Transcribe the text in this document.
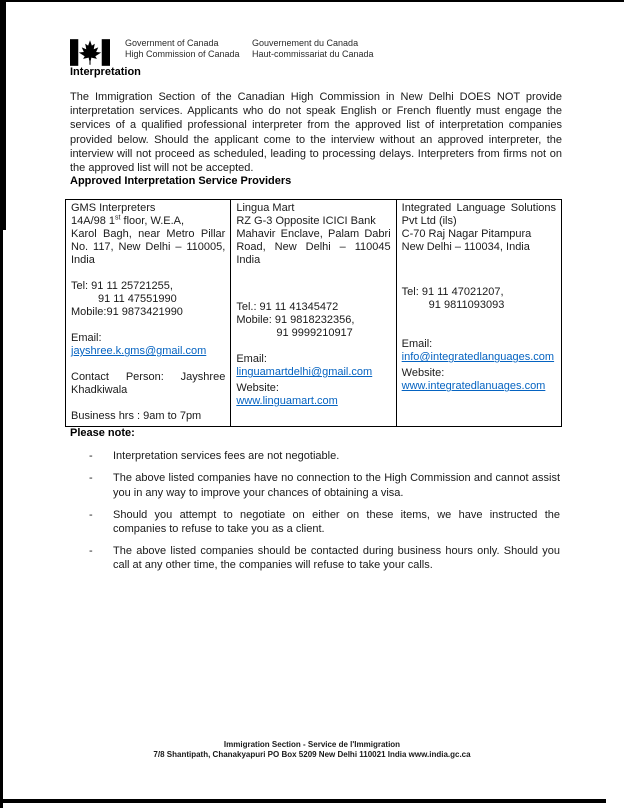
Government of Canada
High Commission of Canada
Gouvernement du Canada
Haut-commissariat du Canada
Interpretation
The Immigration Section of the Canadian High Commission in New Delhi DOES NOT provide interpretation services. Applicants who do not speak English or French fluently must engage the services of a qualified professional interpreter from the approved list of interpretation companies provided below. Should the applicant come to the interview without an approved interpreter, the interview will not proceed as scheduled, leading to processing delays. Interpreters from firms not on the approved list will not be accepted.
Approved Interpretation Service Providers
GMS Interpreters
14A/98 1st floor, W.E.A,
Karol Bagh, near Metro Pillar No. 117, New Delhi – 110005, India
Tel: 91 11 25721255,
91 11 47551990
Mobile:91 9873421990
Email:
jayshree.k.gms@gmail.com
Contact Person: Jayshree Khadkiwala
Business hrs : 9am to 7pm

Lingua Mart
RZ G-3 Opposite ICICI Bank
Mahavir Enclave, Palam Dabri Road, New Delhi – 110045 India
Tel.: 91 11 41345472
Mobile: 91 9818232356,
91 9999210917
Email:
linguamartdelhi@gmail.com
Website:
www.linguamart.com

Integrated Language Solutions Pvt Ltd (ils)
C-70 Raj Nagar Pitampura
New Delhi – 110034, India
Tel: 91 11 47021207,
91 9811093093
Email:
info@integratedlanguages.com
Website:
www.integratedlanuages.com
Please note:
-	Interpretation services fees are not negotiable.
-	The above listed companies have no connection to the High Commission and cannot assist you in any way to improve your chances of obtaining a visa.
-	Should you attempt to negotiate on either on these items, we have instructed the companies to refuse to take you as a client.
-	The above listed companies should be contacted during business hours only. Should you call at any other time, the companies will refuse to take your calls.
Immigration Section - Service de l'Immigration
7/8 Shantipath, Chanakyapuri PO Box 5209 New Delhi 110021 India www.india.gc.ca
